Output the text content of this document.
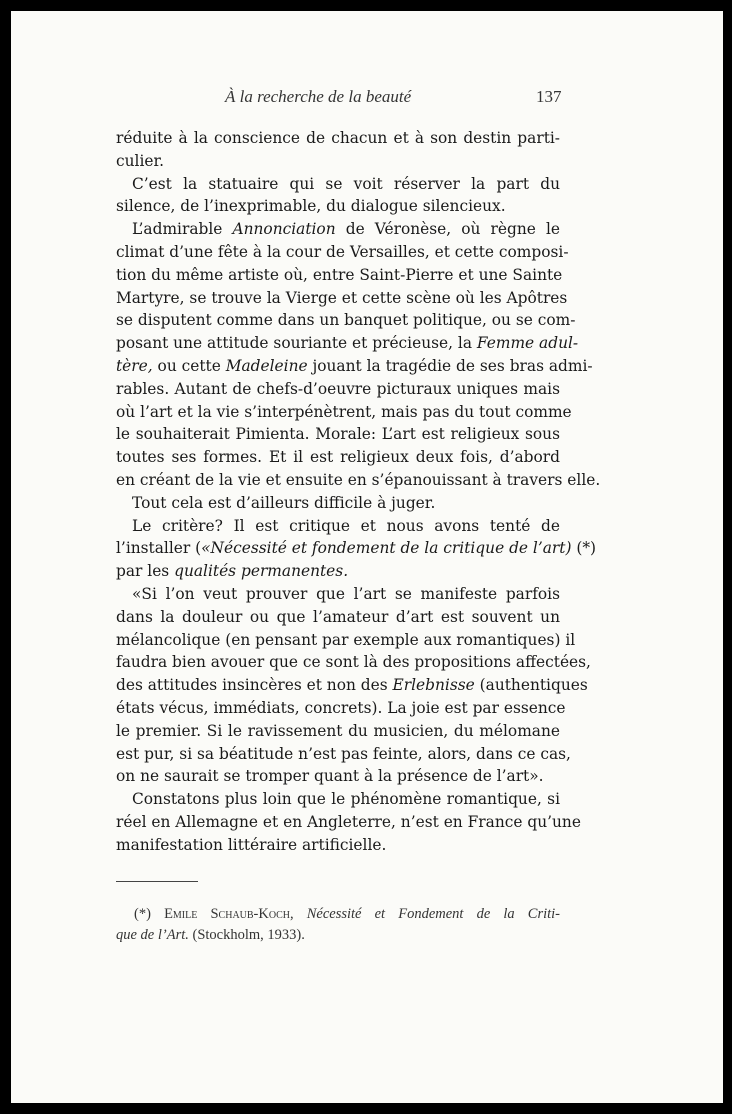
À la recherche de la beauté	137
réduite à la conscience de chacun et à son destin parti-
culier.
C’est la statuaire qui se voit réserver la part du
silence, de l’inexprimable, du dialogue silencieux.
L’admirable Annonciation de Véronèse, où règne le
climat d’une fête à la cour de Versailles, et cette composi-
tion du même artiste où, entre Saint-Pierre et une Sainte
Martyre, se trouve la Vierge et cette scène où les Apôtres
se disputent comme dans un banquet politique, ou se com-
posant une attitude souriante et précieuse, la Femme adul-
tère, ou cette Madeleine jouant la tragédie de ses bras admi-
rables. Autant de chefs-d’oeuvre picturaux uniques mais
où l’art et la vie s’interpénètrent, mais pas du tout comme
le souhaiterait Pimienta. Morale: L’art est religieux sous
toutes ses formes. Et il est religieux deux fois, d’abord
en créant de la vie et ensuite en s’épanouissant à travers elle.
Tout cela est d’ailleurs difficile à juger.
Le critère? Il est critique et nous avons tenté de
l’installer («Nécessité et fondement de la critique de l’art) (*)
par les qualités permanentes.
«Si l’on veut prouver que l’art se manifeste parfois
dans la douleur ou que l’amateur d’art est souvent un
mélancolique (en pensant par exemple aux romantiques) il
faudra bien avouer que ce sont là des propositions affectées,
des attitudes insincères et non des Erlebnisse (authentiques
états vécus, immédiats, concrets). La joie est par essence
le premier. Si le ravissement du musicien, du mélomane
est pur, si sa béatitude n’est pas feinte, alors, dans ce cas,
on ne saurait se tromper quant à la présence de l’art».
Constatons plus loin que le phénomène romantique, si
réel en Allemagne et en Angleterre, n’est en France qu’une
manifestation littéraire artificielle.
(*) Emile Schaub-Koch, Nécessité et Fondement de la Criti-
que de l’Art. (Stockholm, 1933).
